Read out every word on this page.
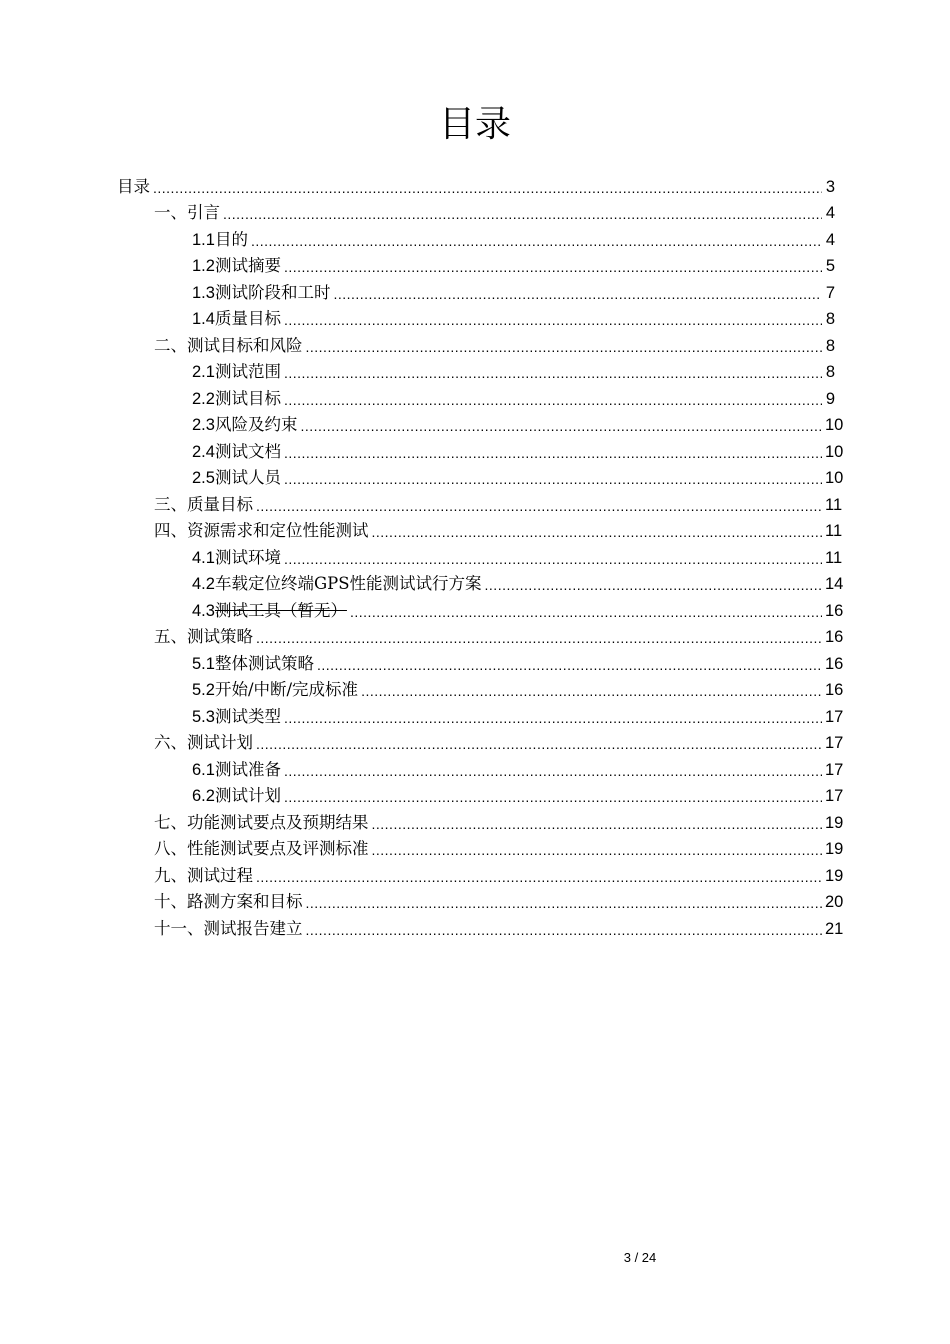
目录
目录 .....	3
一、 引言 .....	4
1.1 目的 .....	4
1.2 测试摘要 .....	5
1.3 测试阶段和工时 .....	7
1.4 质量目标 .....	8
二、 测试目标和风险 .....	8
2.1 测试范围 .....	8
2.2 测试目标 .....	9
2.3 风险及约束 .....	10
2.4 测试文档 .....	10
2.5 测试人员 .....	10
三、 质量目标 .....	11
四、 资源需求和定位性能测试 .....	11
4.1 测试环境 .....	11
4.2 车载定位终端GPS性能测试试行方案 .....	14
4.3 测试工具（暂无） .....	16
五、 测试策略 .....	16
5.1 整体测试策略 .....	16
5.2 开始/中断/完成标准 .....	16
5.3 测试类型 .....	17
六、 测试计划 .....	17
6.1 测试准备 .....	17
6.2 测试计划 .....	17
七、 功能测试要点及预期结果 .....	19
八、 性能测试要点及评测标准 .....	19
九、 测试过程 .....	19
十、 路测方案和目标 .....	20
十一、 测试报告建立 .....	21
3 / 24
